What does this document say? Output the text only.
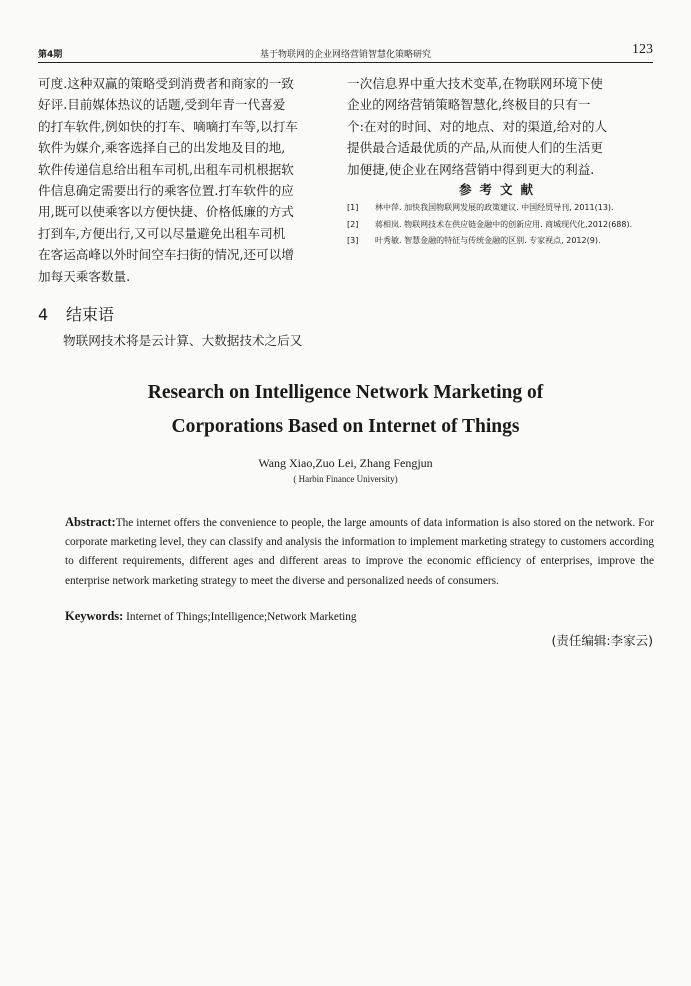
第4期	基于物联网的企业网络营销智慧化策略研究	123
可度.这种双赢的策略受到消费者和商家的一致
好评.目前媒体热议的话题,受到年青一代喜爱
的打车软件,例如快的打车、嘀嘀打车等,以打车
软件为媒介,乘客选择自己的出发地及目的地,
软件传递信息给出租车司机,出租车司机根据软
件信息确定需要出行的乘客位置.打车软件的应
用,既可以使乘客以方便快捷、价格低廉的方式
打到车,方便出行,又可以尽量避免出租车司机
在客运高峰以外时间空车扫街的情况,还可以增
加每天乘客数量.
4 结束语
物联网技术将是云计算、大数据技术之后又
一次信息界中重大技术变革,在物联网环境下使
企业的网络营销策略智慧化,终极目的只有一
个:在对的时间、对的地点、对的渠道,给对的人
提供最合适最优质的产品,从而使人们的生活更
加便捷,使企业在网络营销中得到更大的利益.
参考文献
[1]	林中萍. 加快我国物联网发展的政策建议. 中国经贸导刊, 2011(13).
[2]	蒋相岚. 物联网技术在供应链金融中的创新应用. 商城现代化,2012(688).
[3]	叶秀敏. 智慧金融的特征与传统金融的区别. 专家视点, 2012(9).
Research on Intelligence Network Marketing of
Corporations Based on Internet of Things
Wang Xiao,Zuo Lei, Zhang Fengjun
( Harbin Finance University)
Abstract:The internet offers the convenience to people, the large amounts of data information is also stored on the network. For corporate marketing level, they can classify and analysis the information to implement marketing strategy to customers according to different requirements, different ages and different areas to improve the economic efficiency of enterprises, improve the enterprise network marketing strategy to meet the diverse and personalized needs of consumers.
Keywords: Internet of Things;Intelligence;Network Marketing
(责任编辑:李家云)
